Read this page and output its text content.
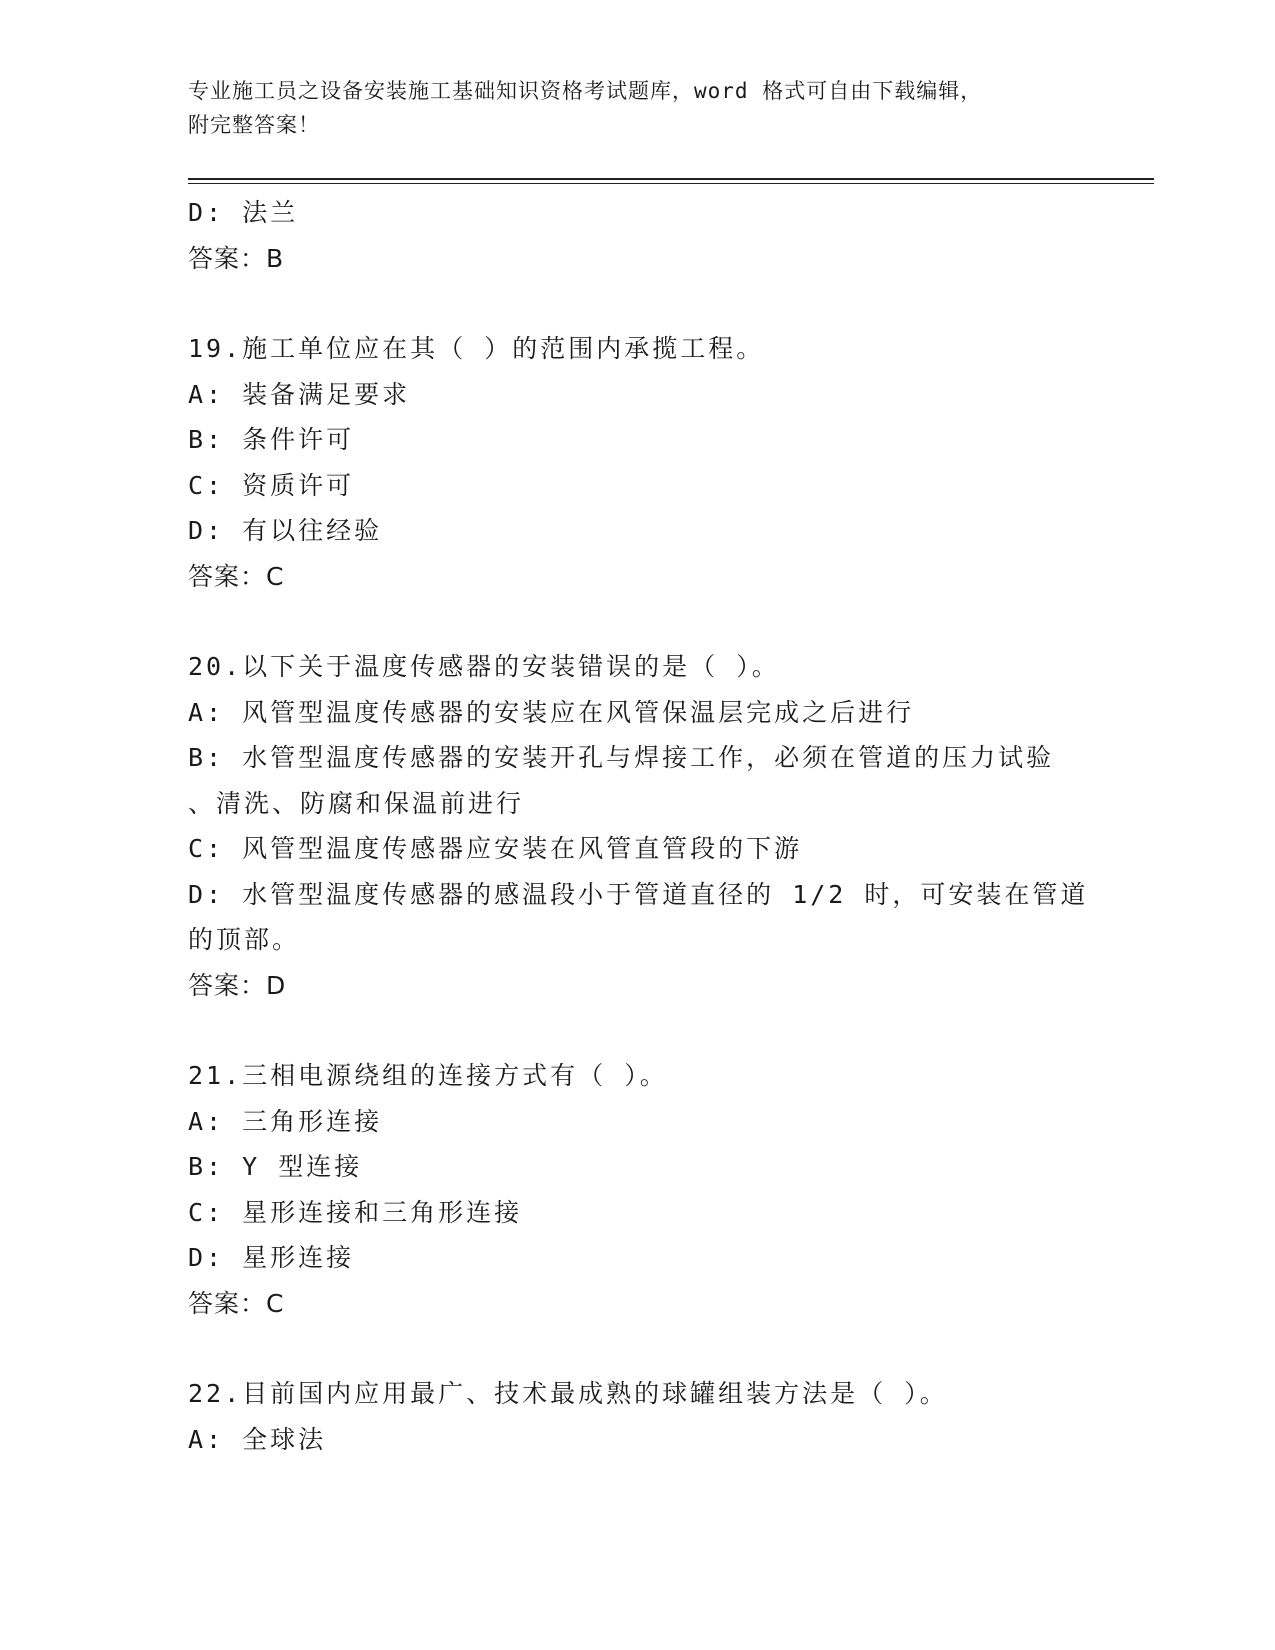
专业施工员之设备安装施工基础知识资格考试题库，word 格式可自由下载编辑，
附完整答案！
D: 法兰
答案：B
19.施工单位应在其（ ）的范围内承揽工程。
A: 装备满足要求
B: 条件许可
C: 资质许可
D: 有以往经验
答案：C
20.以下关于温度传感器的安装错误的是（ ）。
A: 风管型温度传感器的安装应在风管保温层完成之后进行
B: 水管型温度传感器的安装开孔与焊接工作，必须在管道的压力试验
、清洗、防腐和保温前进行
C: 风管型温度传感器应安装在风管直管段的下游
D: 水管型温度传感器的感温段小于管道直径的 1/2 时，可安装在管道
的顶部。
答案：D
21.三相电源绕组的连接方式有（ ）。
A: 三角形连接
B: Y 型连接
C: 星形连接和三角形连接
D: 星形连接
答案：C
22.目前国内应用最广、技术最成熟的球罐组装方法是（ ）。
A: 全球法
